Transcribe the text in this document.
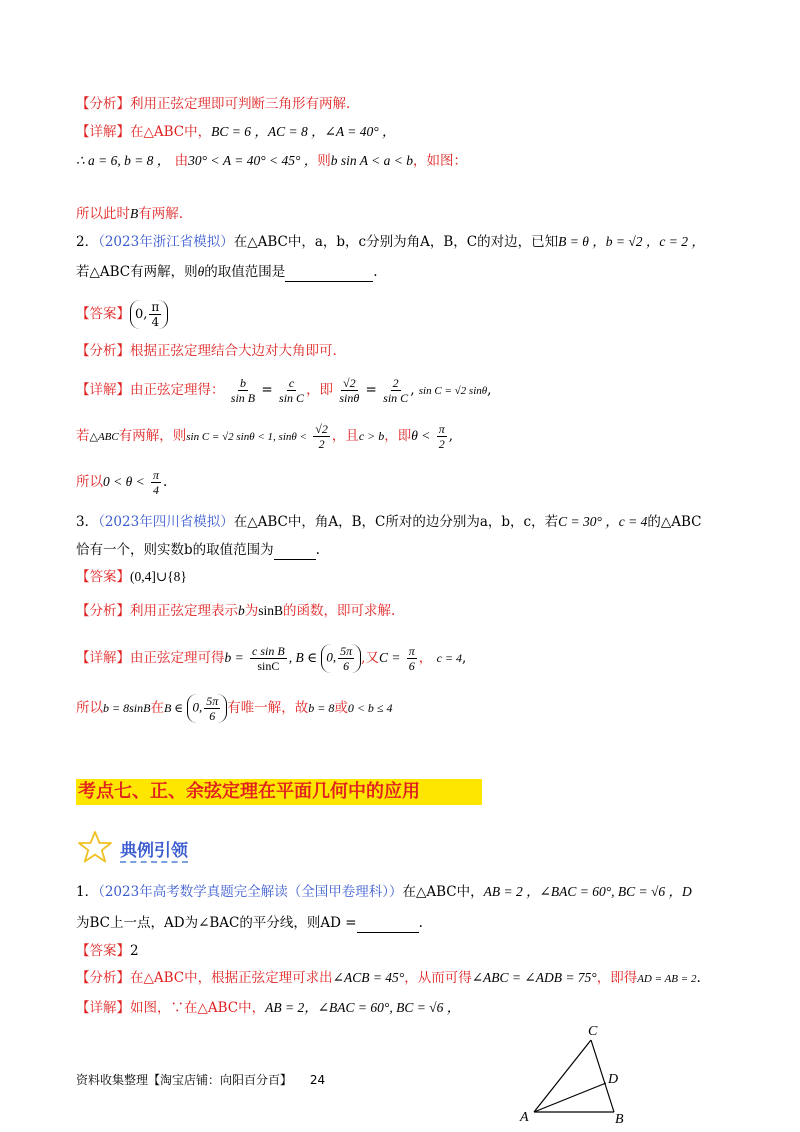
【分析】利用正弦定理即可判断三角形有两解.
【详解】在△ABC中，BC = 6 ，AC = 8 ，∠A = 40° ，
∴ a = 6, b = 8 ， 由30° < A = 40° < 45° ，则b sin A < a < b，如图：
所以此时B有两解.
2．（2023年浙江省模拟）在△ABC中，a，b，c分别为角A，B，C的对边，已知B = θ ，b = √2 ，c = 2 ，
若△ABC有两解，则θ的取值范围是	.
【答案】 0, $\frac{\pi}{4}$
【分析】根据正弦定理结合大边对大角即可.
【详解】由正弦定理得： $\frac{b}{\text{sin B}} = \frac{c}{\text{sin C}}$ ，即 $\frac{√2}{\sin\theta} = \frac{2}{\text{sin C}}$ , sin C = √2 sinθ,
若△ABC有两解，则sin C = √2 sinθ < 1, $\sin\theta < \frac{√2}{2}$ ，且c > b，即$\theta < \frac{\pi}{2}$ ,
所以$0 < \theta < \frac{\pi}{4}$ .
3．（2023年四川省模拟）在△ABC中，角A，B，C所对的边分别为a，b，c，若C = 30° ，c = 4的△ABC
恰有一个，则实数b的取值范围为	.
【答案】(0,4]∪{8}
【分析】利用正弦定理表示b为sinB的函数，即可求解.
【详解】由正弦定理可得$b = \frac{\text{c sin B}}{\sin C}$ , B ∈ 0, $\frac{5\pi}{6}$ ,又$C = \frac{\pi}{6}$ ， c = 4,
所以b = 8sinB在B ∈ 0, $\frac{5\pi}{6}$ 有唯一解，故b = 8或0 < b ≤ 4
考点七、正、余弦定理在平面几何中的应用
典例引领
1．（2023年高考数学真题完全解读（全国甲卷理科））在△ABC中，AB = 2 ，∠BAC = 60°, BC = √6 ，D
为BC上一点，AD为∠BAC的平分线，则AD =	.
【答案】2
【分析】在△ABC中，根据正弦定理可求出∠ACB = 45°，从而可得∠ABC = ∠ADB = 75°，即得AD = AB = 2.
【详解】如图，∵在△ABC中，AB = 2，∠BAC = 60°, BC = √6 ，
A	B
C
D
资料收集整理【淘宝店铺：向阳百分百】 24
